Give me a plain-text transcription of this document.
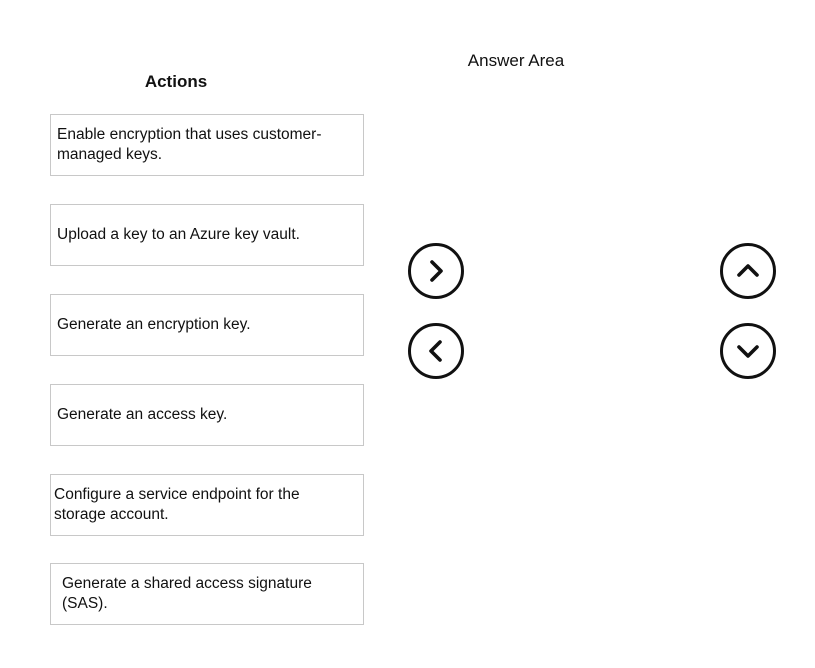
Actions
Answer Area
Enable encryption that uses customer-managed keys.
Upload a key to an Azure key vault.
Generate an encryption key.
Generate an access key.
Configure a service endpoint for the storage account.
Generate a shared access signature (SAS).
